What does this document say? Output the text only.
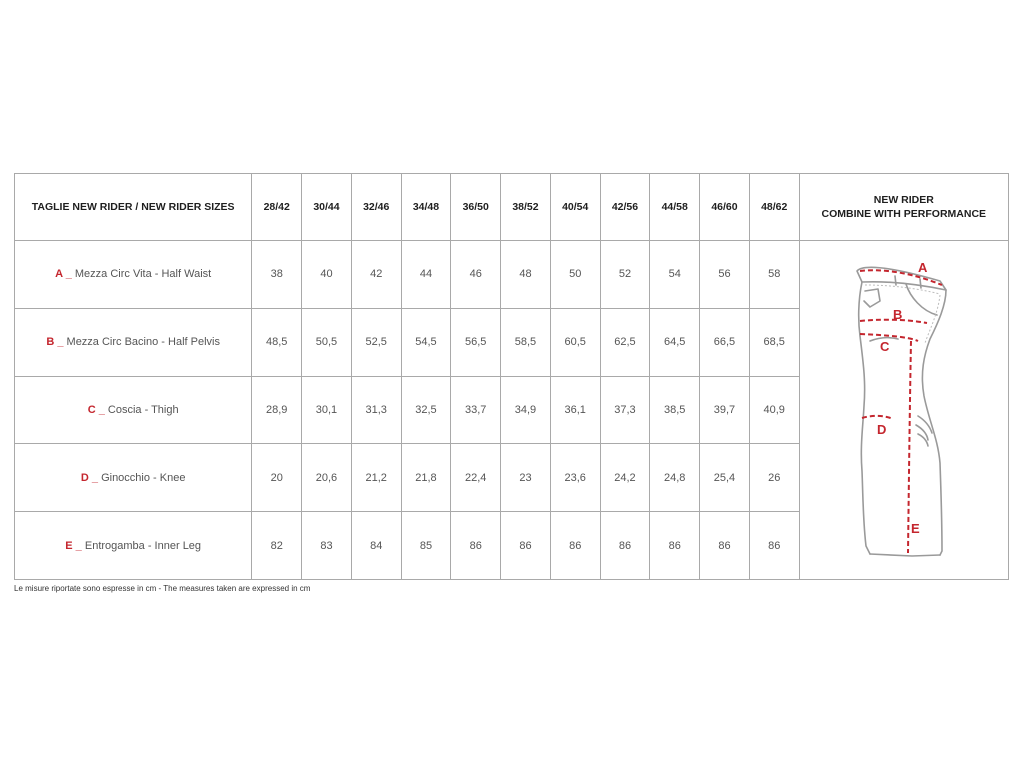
TAGLIE NEW RIDER / NEW RIDER SIZES	28/42	30/44	32/46	34/48	36/50	38/52	40/54	42/56	44/58	46/60	48/62	NEW RIDER
COMBINE WITH PERFORMANCE
A _ Mezza Circ Vita - Half Waist	38	40	42	44	46	48	50	52	54	56	58	A
B
C
D
E

B _ Mezza Circ Bacino - Half Pelvis	48,5	50,5	52,5	54,5	56,5	58,5	60,5	62,5	64,5	66,5	68,5	
C _ Coscia - Thigh	28,9	30,1	31,3	32,5	33,7	34,9	36,1	37,3	38,5	39,7	40,9	
D _ Ginocchio - Knee	20	20,6	21,2	21,8	22,4	23	23,6	24,2	24,8	25,4	26	
E _ Entrogamba - Inner Leg	82	83	84	85	86	86	86	86	86	86	86	
Le misure riportate sono espresse in cm - The measures taken are expressed in cm
